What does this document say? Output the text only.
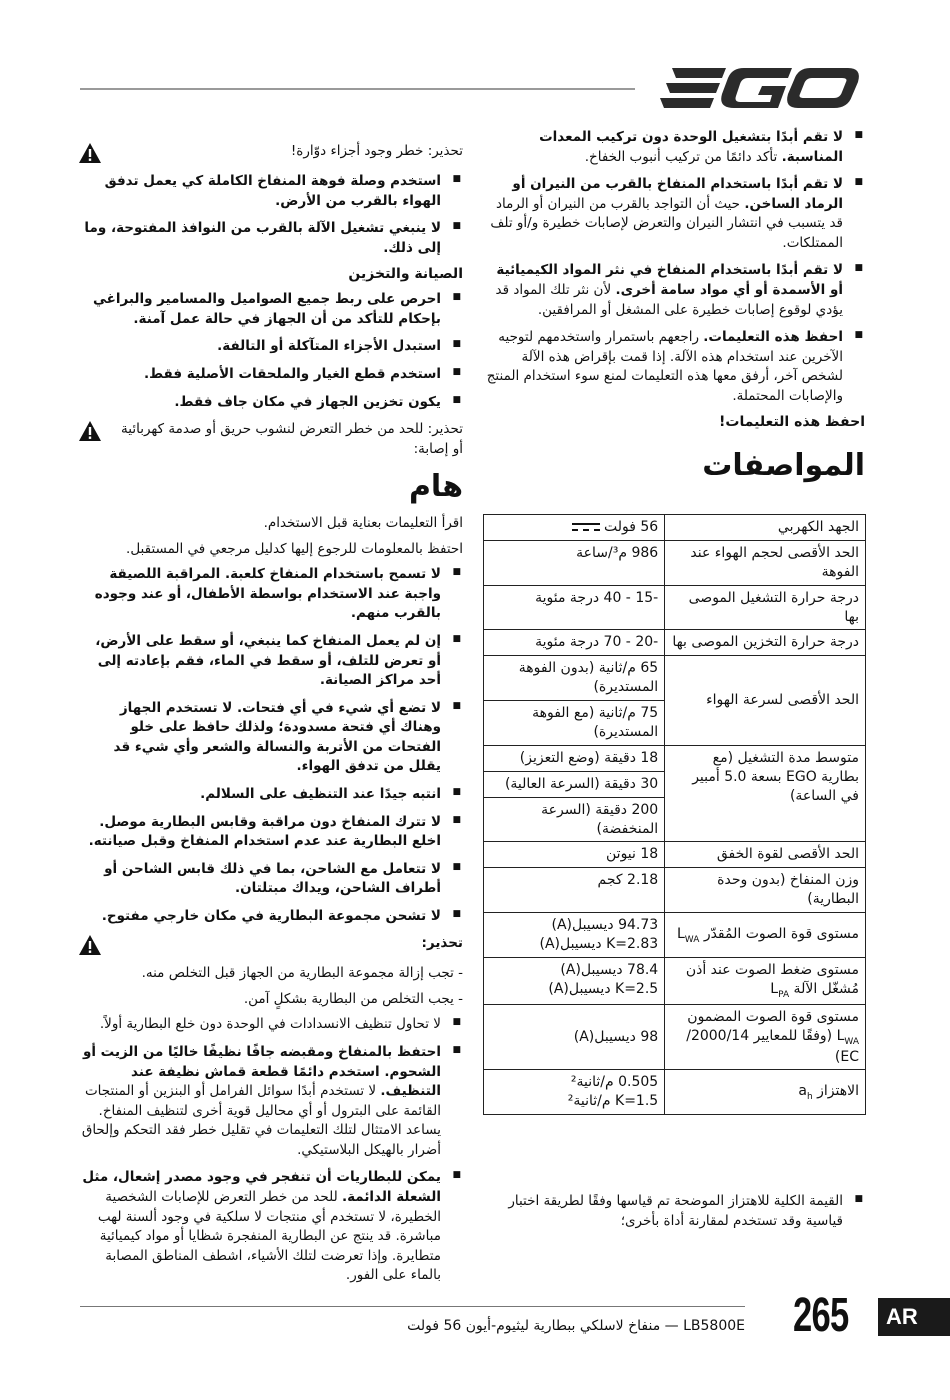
■ لا تقم أبدًا بتشغيل الوحدة دون تركيب المعدات المناسبة. تأكد دائمًا من تركيب أنبوب الخفاخ.
■ لا تقم أبدًا باستخدام المنفاخ بالقرب من النيران أو الرماد الساخن. حيث أن التواجد بالقرب من النيران أو الرماد قد يتسبب في انتشار النيران والتعرض لإصابات خطيرة و/أو تلف الممتلكات.
■ لا تقم أبدًا باستخدام المنفاخ في نثر المواد الكيميائية أو الأسمدة أو أي مواد سامة أخرى. لأن نثر تلك المواد قد يؤدي لوقوع إصابات خطيرة على المشغل أو المرافقين.
■ احفظ هذه التعليمات. راجعهم باستمرار واستخدمهم لتوجيه الآخرين عند استخدام هذه الآلة. إذا قمت بإقراض هذه الآلة لشخص آخر، أرفق معها هذه التعليمات لمنع سوء استخدام المنتج والإصابات المحتملة.
احفظ هذه التعليمات!
المواصفات
الجهد الكهربي	56 فولت
الحد الأقصى لحجم الهواء عند الفوهة	986 م³/ساعة
درجة حرارة التشغيل الموصى بها	-15 - 40 درجة مئوية
درجة حرارة التخزين الموصى بها	-20 - 70 درجة مئوية
الحد الأقصى لسرعة الهواء	65 م/ثانية (بدون الفوهة المستديرة)
	75 م/ثانية (مع الفوهة المستديرة)
متوسط مدة التشغيل (مع بطارية EGO بسعة 5.0 أمبير في الساعة)	18 دقيقة (وضع التعزيز)
	30 دقيقة (السرعة العالية)
	200 دقيقة (السرعة المنخفضة)
الحد الأقصى لقوة الخفق	18 نيوتن
وزن المنفاخ (بدون وحدة البطارية)	2.18 كجم
مستوى قوة الصوت المُقدّر $L_{WA}$	94.73 ديسيبل(A)
K=2.83 ديسيبل(A)

مستوى ضغط الصوت عند أذن مُشغّل الآلة $L_{PA}$	78.4 ديسيبل(A)
K=2.5 ديسيبل(A)

مستوى قوة الصوت المضمون $L_{WA}$ (وفقًا للمعايير 2000/14/ EC)	98 ديسيبل(A)
الاهتزاز $a_h$	0.505 م/ثانية²
K=1.5 م/ثانية²
■ القيمة الكلية للاهتزاز الموضحة تم قياسها وفقًا لطريقة اختبار قياسية وقد تستخدم لمقارنة أداة بأخرى؛
تحذير: خطر وجود أجزاء دوّارة!
■ استخدم وصلة فوهة المنفاخ الكاملة كي يعمل تدفق الهواء بالقرب من الأرض.
■ لا ينبغي تشغيل الآلة بالقرب من النوافذ المفتوحة، وما إلى ذلك.
الصيانة والتخزين
■ احرص على ربط جميع الصواميل والمسامير والبراغي بإحكام للتأكد من أن الجهاز في حالة عمل آمنة.
■ استبدل الأجزاء المتآكلة أو التالفة.
■ استخدم قطع الغيار والملحقات الأصلية فقط.
■ يكون تخزين الجهاز في مكان جاف فقط.
تحذير: للحد من خطر التعرض لنشوب حريق أو صدمة كهربائية أو إصابة:
هام
اقرأ التعليمات بعناية قبل الاستخدام.
احتفظ بالمعلومات للرجوع إليها كدليل مرجعي في المستقبل.
■ لا تسمح باستخدام المنفاخ كلعبة. المراقبة اللصيقة واجبة عند الاستخدام بواسطة الأطفال، أو عند وجوده بالقرب منهم.
■ إن لم يعمل المنفاخ كما ينبغي، أو سقط على الأرض، أو تعرض للتلف، أو سقط في الماء، فقم بإعادته إلى أحد مراكز الصيانة.
■ لا تضع أي شيء في أي فتحات. لا تستخدم الجهاز وهناك أي فتحة مسدودة؛ ولذلك حافظ على خلو الفتحات من الأتربة والنسالة والشعر وأي شيء قد يقلل من تدفق الهواء.
■ انتبه جيدًا عند التنظيف على السلالم.
■ لا تترك المنفاخ دون مراقبة وقابس البطارية موصل. اخلع البطارية عند عدم استخدام المنفاخ وقبل صيانته.
■ لا تتعامل مع الشاحن، بما في ذلك قابس الشاحن أو أطراف الشاحن، ويداك مبتلتان.
■ لا تشحن مجموعة البطارية في مكان خارجي مفتوح.
تحذير:
- تجب إزالة مجموعة البطارية من الجهاز قبل التخلص منه.
- يجب التخلص من البطارية بشكلٍ آمن.
■ لا تحاول تنظيف الانسدادات في الوحدة دون خلع البطارية أولاً.
■ احتفظ بالمنفاخ ومقبضه جافًا نظيفًا خاليًا من الزيت أو الشحوم. استخدم دائمًا قطعة قماش نظيفة عند التنظيف. لا تستخدم أبدًا سوائل الفرامل أو البنزين أو المنتجات القائمة على البترول أو أي محاليل قوية أخرى لتنظيف المنفاخ. يساعد الامتثال لتلك التعليمات في تقليل خطر فقد التحكم وإلحاق أضرار بالهيكل البلاستيكي.
■ يمكن للبطاريات أن تنفجر في وجود مصدر إشعال، مثل الشعلة الدائمة. للحد من خطر التعرض للإصابات الشخصية الخطيرة، لا تستخدم أي منتجات لا سلكية في وجود ألسنة لهب مباشرة. قد ينتج عن البطارية المنفجرة شظايا أو مواد كيميائية متطايرة. وإذا تعرضت لتلك الأشياء، اشطف المناطق المصابة بالماء على الفور.
LB5800E — منفاخ لاسلكي ببطارية ليثيوم-أيون 56 فولت 265	AR
